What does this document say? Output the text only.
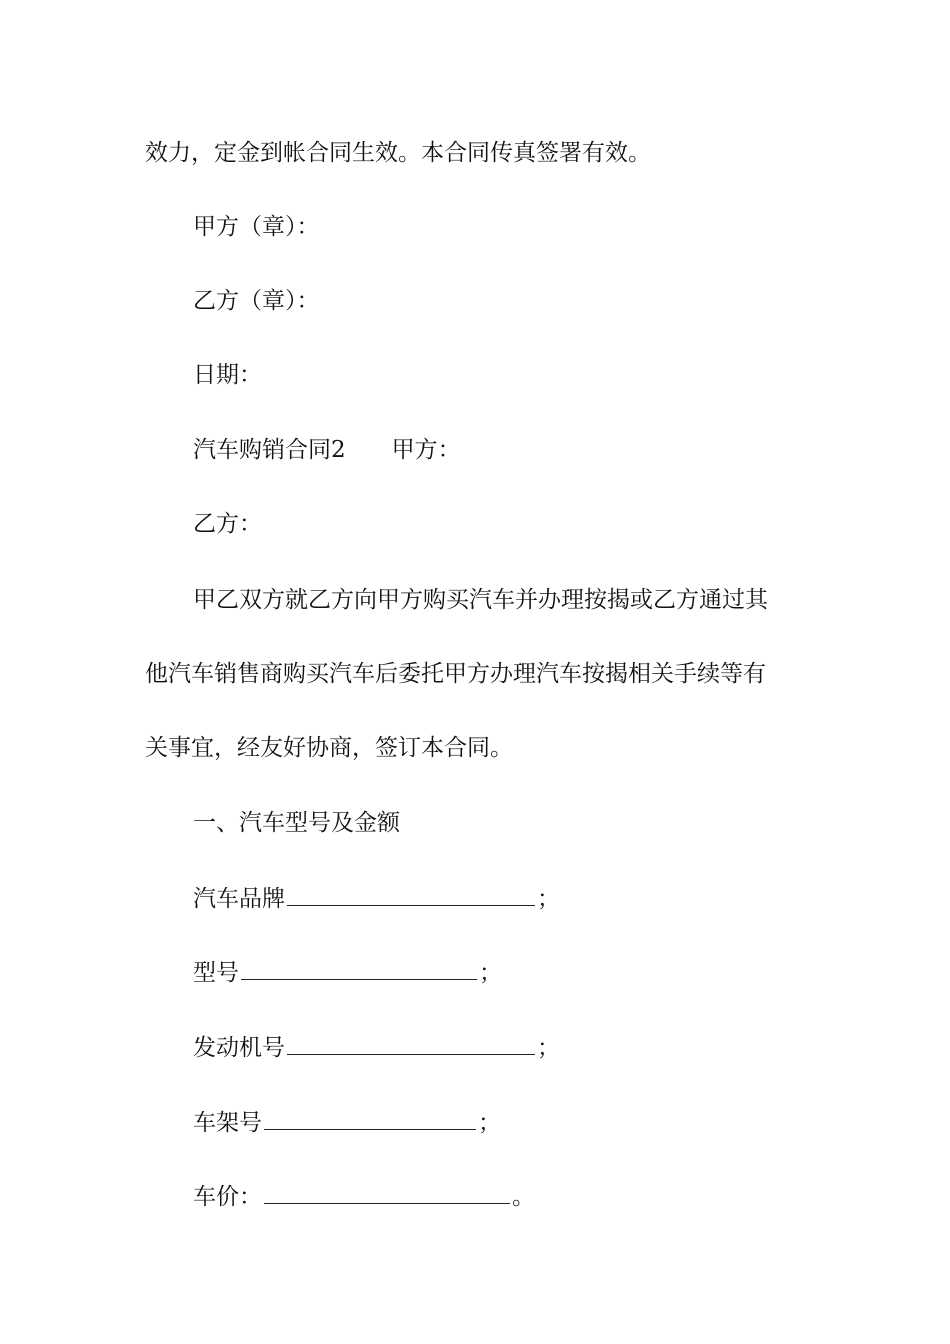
效力，定金到帐合同生效。本合同传真签署有效。
甲方（章）：
乙方（章）：
日期：
汽车购销合同2 甲方：
乙方：
甲乙双方就乙方向甲方购买汽车并办理按揭或乙方通过其
他汽车销售商购买汽车后委托甲方办理汽车按揭相关手续等有
关事宜，经友好协商，签订本合同。
一、汽车型号及金额
汽车品牌	；
型号	；
发动机号	；
车架号	；
车价：	。
